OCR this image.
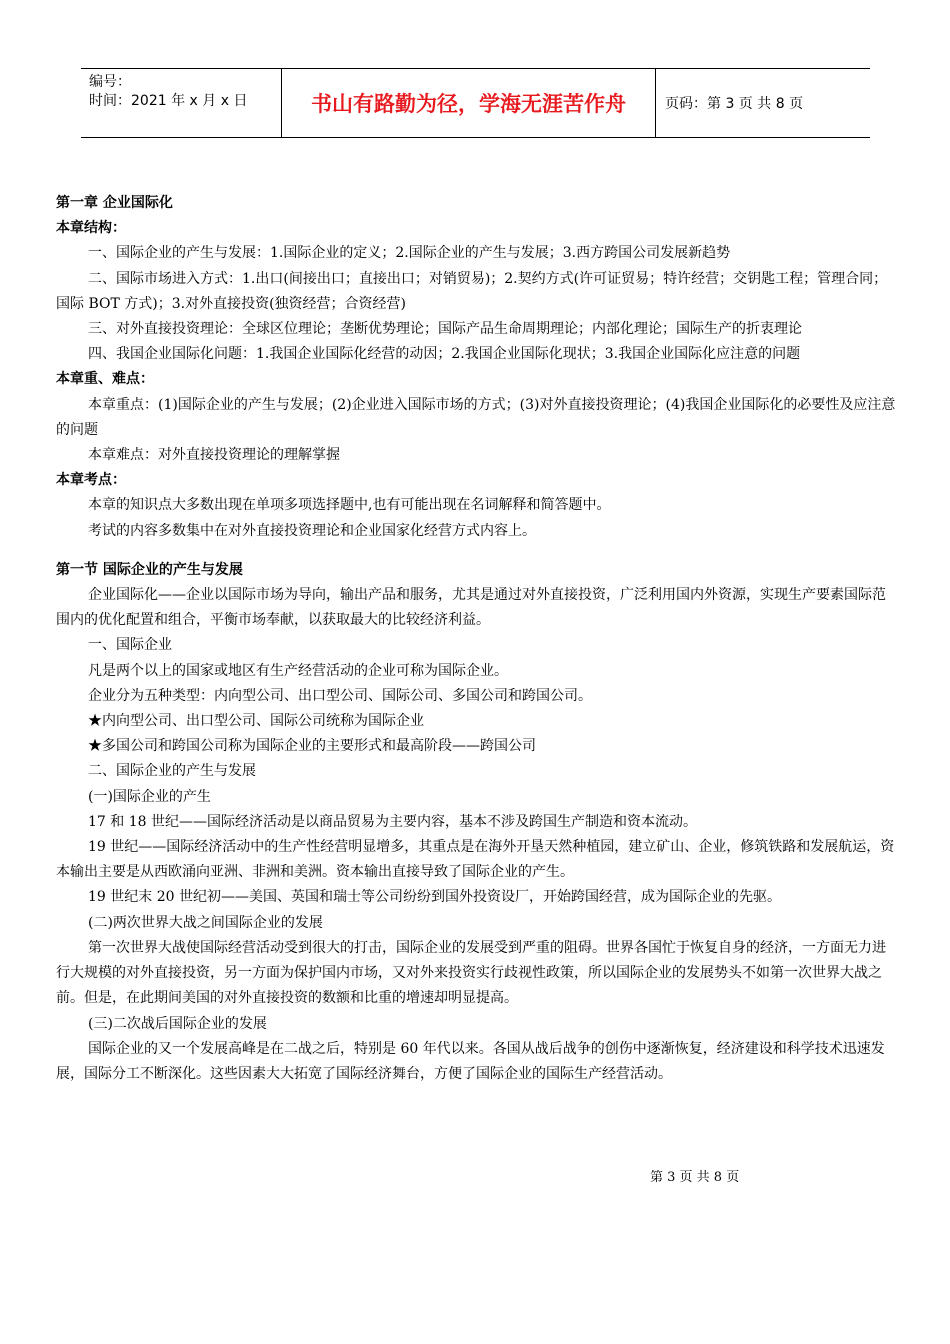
编号：
时间：2021 年 x 月 x 日	书山有路勤为径，学海无涯苦作舟	页码：第 3 页 共 8 页

第一章 企业国际化

本章结构：

一、国际企业的产生与发展：1.国际企业的定义；2.国际企业的产生与发展；3.西方跨国公司发展新趋势

二、国际市场进入方式：1.出口(间接出口；直接出口；对销贸易)；2.契约方式(许可证贸易；特许经营；交钥匙工程；管理合同；国际 BOT 方式)；3.对外直接投资(独资经营；合资经营)

三、对外直接投资理论：全球区位理论；垄断优势理论；国际产品生命周期理论；内部化理论；国际生产的折衷理论

四、我国企业国际化问题：1.我国企业国际化经营的动因；2.我国企业国际化现状；3.我国企业国际化应注意的问题

本章重、难点：

本章重点：(1)国际企业的产生与发展；(2)企业进入国际市场的方式；(3)对外直接投资理论；(4)我国企业国际化的必要性及应注意的问题

本章难点：对外直接投资理论的理解掌握

本章考点：

本章的知识点大多数出现在单项多项选择题中,也有可能出现在名词解释和简答题中。

考试的内容多数集中在对外直接投资理论和企业国家化经营方式内容上。

第一节 国际企业的产生与发展

企业国际化——企业以国际市场为导向，输出产品和服务，尤其是通过对外直接投资，广泛利用国内外资源，实现生产要素国际范围内的优化配置和组合，平衡市场奉献，以获取最大的比较经济利益。

一、国际企业

凡是两个以上的国家或地区有生产经营活动的企业可称为国际企业。

企业分为五种类型：内向型公司、出口型公司、国际公司、多国公司和跨国公司。

★内向型公司、出口型公司、国际公司统称为国际企业

★多国公司和跨国公司称为国际企业的主要形式和最高阶段——跨国公司

二、国际企业的产生与发展

(一)国际企业的产生

17 和 18 世纪——国际经济活动是以商品贸易为主要内容，基本不涉及跨国生产制造和资本流动。

19 世纪——国际经济活动中的生产性经营明显增多，其重点是在海外开垦天然种植园，建立矿山、企业，修筑铁路和发展航运，资本输出主要是从西欧涌向亚洲、非洲和美洲。资本输出直接导致了国际企业的产生。

19 世纪末 20 世纪初——美国、英国和瑞士等公司纷纷到国外投资设厂，开始跨国经营，成为国际企业的先驱。

(二)两次世界大战之间国际企业的发展

第一次世界大战使国际经营活动受到很大的打击，国际企业的发展受到严重的阻碍。世界各国忙于恢复自身的经济，一方面无力进行大规模的对外直接投资，另一方面为保护国内市场，又对外来投资实行歧视性政策，所以国际企业的发展势头不如第一次世界大战之前。但是，在此期间美国的对外直接投资的数额和比重的增速却明显提高。

(三)二次战后国际企业的发展

国际企业的又一个发展高峰是在二战之后，特别是 60 年代以来。各国从战后战争的创伤中逐渐恢复，经济建设和科学技术迅速发展，国际分工不断深化。这些因素大大拓宽了国际经济舞台，方便了国际企业的国际生产经营活动。

第 3 页 共 8 页
